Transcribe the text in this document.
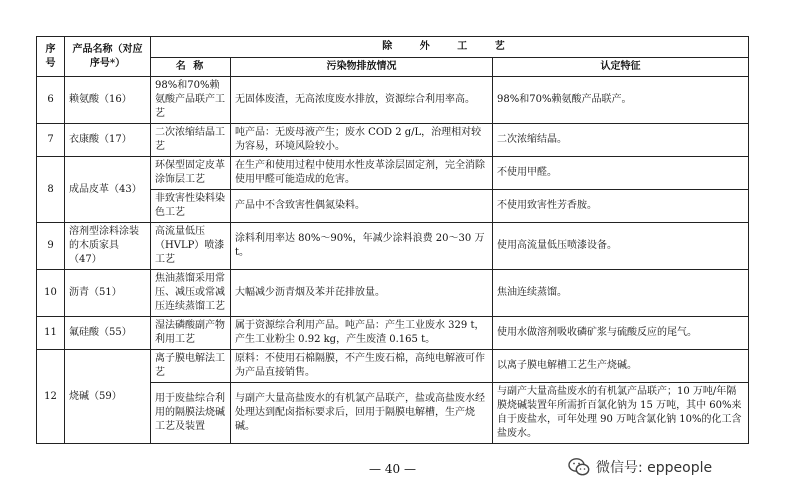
序号	产品名称（对应序号*）	除 外 工 艺		
		名 称	污染物排放情况	认定特征
6	赖氨酸（16）	98%和70%赖氨酸产品联产工艺	无固体废渣，无高浓度废水排放，资源综合利用率高。	98%和70%赖氨酸产品联产。
7	衣康酸（17）	二次浓缩结晶工艺	吨产品：无废母液产生；废水 COD 2 g/L，治理相对较为容易，环境风险较小。	二次浓缩结晶。
8	成品皮革（43）	环保型固定皮革涂饰层工艺	在生产和使用过程中使用水性皮革涂层固定剂，完全消除使用甲醛可能造成的危害。	不使用甲醛。
		非致害性染料染色工艺	产品中不含致害性偶氮染料。	不使用致害性芳香胺。
9	溶剂型涂料涂装的木质家具（47）	高流量低压（HVLP）喷漆工艺	涂料利用率达 80%～90%，年减少涂料浪费 20～30 万 t。	使用高流量低压喷漆设备。
10	沥青（51）	焦油蒸馏采用常压、减压或常减压连续蒸馏工艺	大幅减少沥青烟及苯并芘排放量。	焦油连续蒸馏。
11	氟硅酸（55）	湿法磷酸副产物利用工艺	属于资源综合利用产品。吨产品：产生工业废水 329 t，产生工业粉尘 0.92 kg，产生废渣 0.165 t。	使用水做溶剂吸收磷矿浆与硫酸反应的尾气。
12	烧碱（59）	离子膜电解法工艺	原料：不使用石棉隔膜，不产生废石棉，高纯电解液可作为产品直接销售。	以离子膜电解槽工艺生产烧碱。
		用于废盐综合利用的隔膜法烧碱工艺及装置	与副产大量高盐废水的有机氯产品联产，盐或高盐废水经处理达到配卤指标要求后，回用于隔膜电解槽，生产烧碱。	与副产大量高盐废水的有机氯产品联产；10 万吨/年隔膜烧碱装置年所需折百氯化钠为 15 万吨，其中 60%来自于废盐水，可年处理 90 万吨含氯化钠 10%的化工含盐废水。
— 40 —	微信号: eppeople
